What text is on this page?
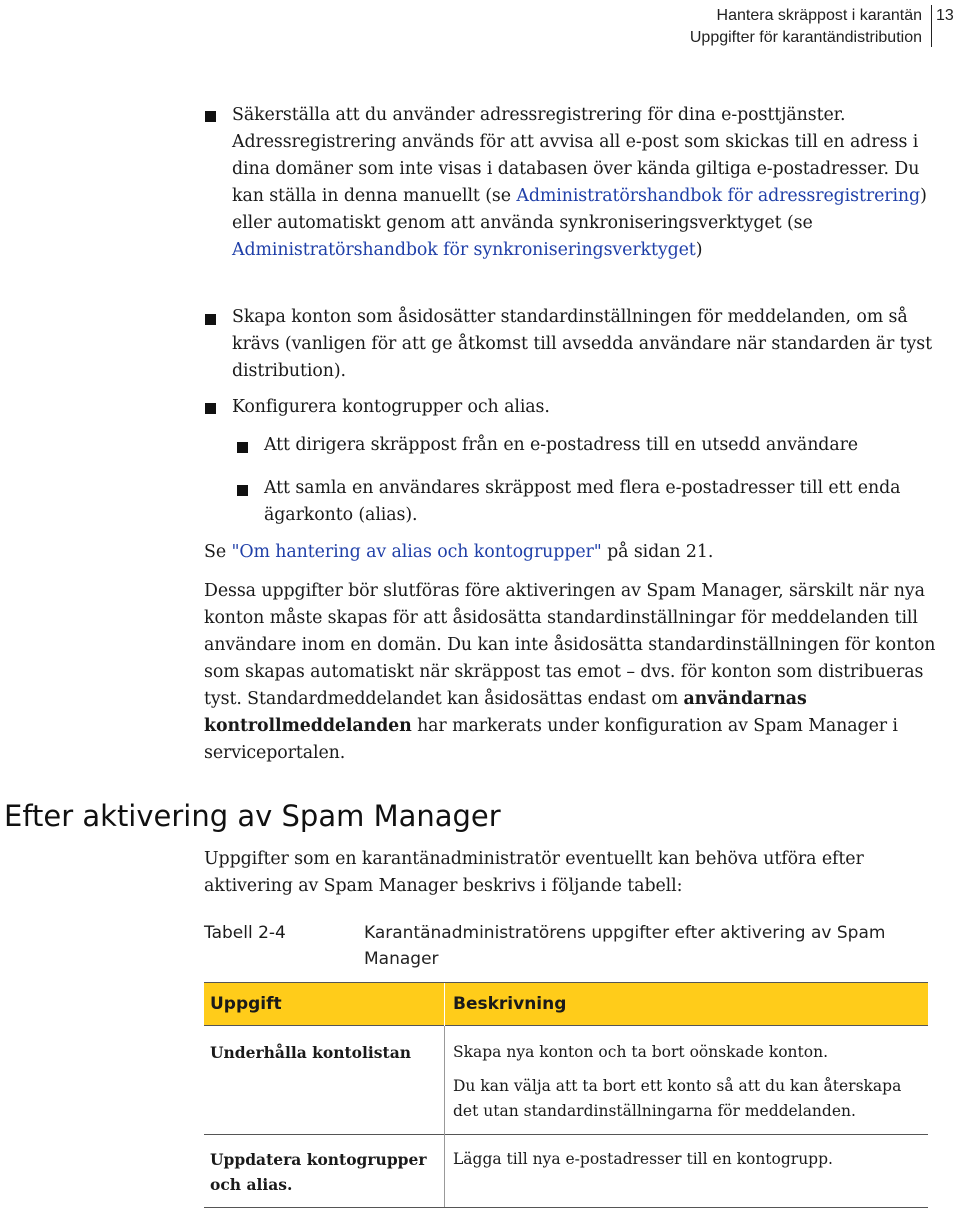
Hantera skräppost i karantän
Uppgifter för karantändistribution
13

Säkerställa att du använder adressregistrering för dina e-posttjänster. Adressregistrering används för att avvisa all e-post som skickas till en adress i dina domäner som inte visas i databasen över kända giltiga e-postadresser. Du kan ställa in denna manuellt (se Administratörshandbok för adressregistrering) eller automatiskt genom att använda synkroniseringsverktyget (se Administratörshandbok för synkroniseringsverktyget)

Skapa konton som åsidosätter standardinställningen för meddelanden, om så krävs (vanligen för att ge åtkomst till avsedda användare när standarden är tyst distribution).

Konfigurera kontogrupper och alias.

Att dirigera skräppost från en e-postadress till en utsedd användare

Att samla en användares skräppost med flera e-postadresser till ett enda ägarkonto (alias).

Se "Om hantering av alias och kontogrupper" på sidan 21.

Dessa uppgifter bör slutföras före aktiveringen av Spam Manager, särskilt när nya konton måste skapas för att åsidosätta standardinställningar för meddelanden till användare inom en domän. Du kan inte åsidosätta standardinställningen för konton som skapas automatiskt när skräppost tas emot – dvs. för konton som distribueras tyst. Standardmeddelandet kan åsidosättas endast om användarnas kontrollmeddelanden har markerats under konfiguration av Spam Manager i serviceportalen.

Efter aktivering av Spam Manager

Uppgifter som en karantänadministratör eventuellt kan behöva utföra efter aktivering av Spam Manager beskrivs i följande tabell:

Tabell 2-4	Karantänadministratörens uppgifter efter aktivering av Spam Manager
Uppgift	Beskrivning
Underhålla kontolistan	Skapa nya konton och ta bort oönskade konton.

Du kan välja att ta bort ett konto så att du kan återskapa det utan standardinställningarna för meddelanden.

Uppdatera kontogrupper och alias.	Lägga till nya e-postadresser till en kontogrupp.
